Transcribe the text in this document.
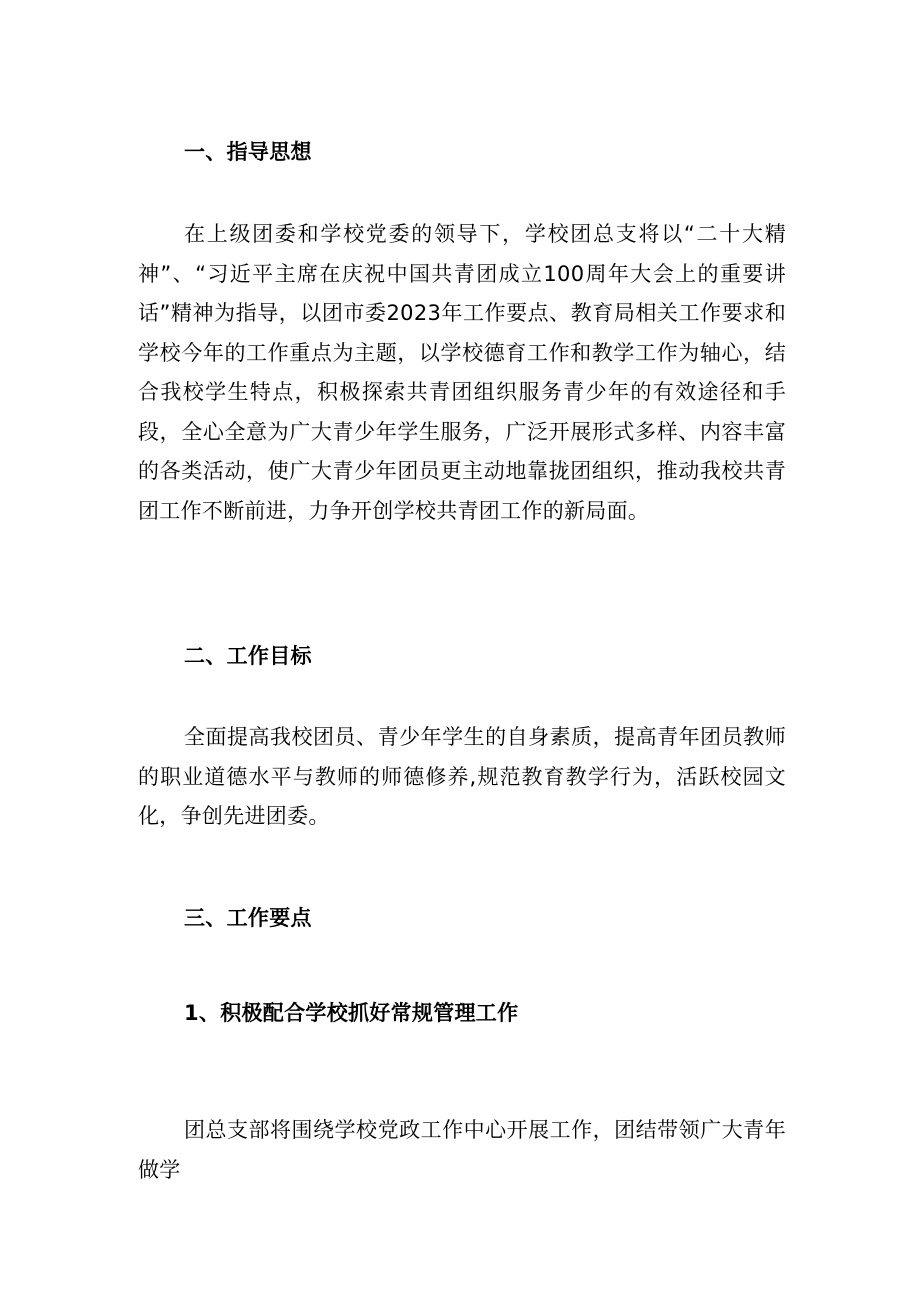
一、指导思想

在上级团委和学校党委的领导下，学校团总支将以“二十大精神”、“习近平主席在庆祝中国共青团成立100周年大会上的重要讲话”精神为指导，以团市委2023年工作要点、教育局相关工作要求和学校今年的工作重点为主题，以学校德育工作和教学工作为轴心，结合我校学生特点，积极探索共青团组织服务青少年的有效途径和手段，全心全意为广大青少年学生服务，广泛开展形式多样、内容丰富的各类活动，使广大青少年团员更主动地靠拢团组织，推动我校共青团工作不断前进，力争开创学校共青团工作的新局面。

二、工作目标

全面提高我校团员、青少年学生的自身素质，提高青年团员教师的职业道德水平与教师的师德修养,规范教育教学行为，活跃校园文化，争创先进团委。

三、工作要点
1、积极配合学校抓好常规管理工作

团总支部将围绕学校党政工作中心开展工作，团结带领广大青年做学
